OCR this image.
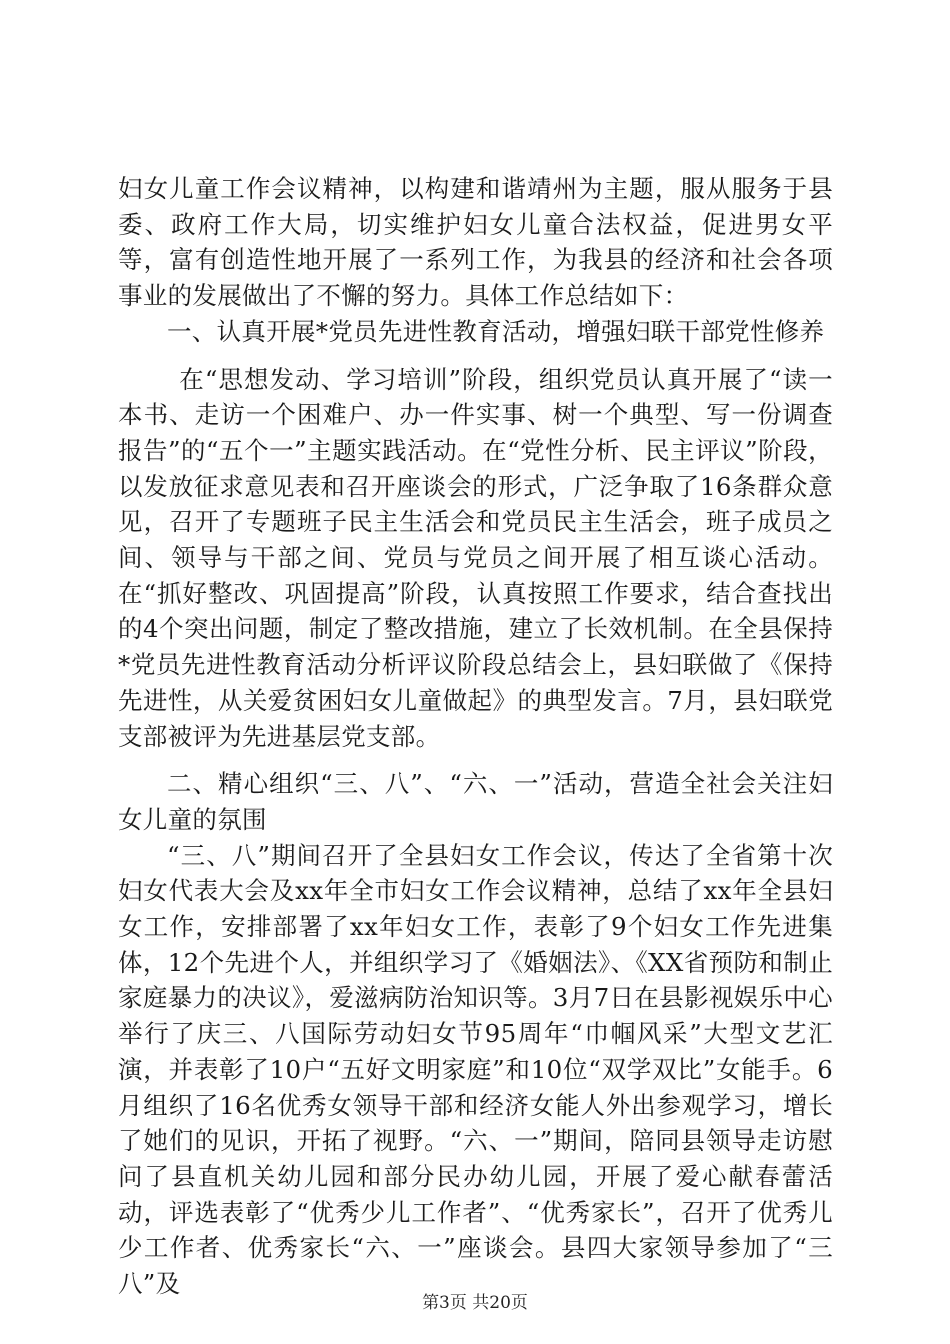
妇女儿童工作会议精神，以构建和谐靖州为主题，服从服务于县委、政府工作大局，切实维护妇女儿童合法权益，促进男女平等，富有创造性地开展了一系列工作，为我县的经济和社会各项事业的发展做出了不懈的努力。具体工作总结如下：

一、认真开展*党员先进性教育活动，增强妇联干部党性修养

在“思想发动、学习培训”阶段，组织党员认真开展了“读一本书、走访一个困难户、办一件实事、树一个典型、写一份调查报告”的“五个一”主题实践活动。在“党性分析、民主评议”阶段，以发放征求意见表和召开座谈会的形式，广泛争取了16条群众意见，召开了专题班子民主生活会和党员民主生活会，班子成员之间、领导与干部之间、党员与党员之间开展了相互谈心活动。在“抓好整改、巩固提高”阶段，认真按照工作要求，结合查找出的4个突出问题，制定了整改措施，建立了长效机制。在全县保持*党员先进性教育活动分析评议阶段总结会上，县妇联做了《保持先进性，从关爱贫困妇女儿童做起》的典型发言。7月，县妇联党支部被评为先进基层党支部。

二、精心组织“三、八”、“六、一”活动，营造全社会关注妇女儿童的氛围

“三、八”期间召开了全县妇女工作会议，传达了全省第十次妇女代表大会及xx年全市妇女工作会议精神，总结了xx年全县妇女工作，安排部署了xx年妇女工作，表彰了9个妇女工作先进集体，12个先进个人，并组织学习了《婚姻法》、《XX省预防和制止家庭暴力的决议》，爱滋病防治知识等。3月7日在县影视娱乐中心举行了庆三、八国际劳动妇女节95周年“巾帼风采”大型文艺汇演，并表彰了10户“五好文明家庭”和10位“双学双比”女能手。6月组织了16名优秀女领导干部和经济女能人外出参观学习，增长了她们的见识，开拓了视野。“六、一”期间，陪同县领导走访慰问了县直机关幼儿园和部分民办幼儿园，开展了爱心献春蕾活动，评选表彰了“优秀少儿工作者”、“优秀家长”，召开了优秀儿少工作者、优秀家长“六、一”座谈会。县四大家领导参加了“三八”及

第3页 共20页
